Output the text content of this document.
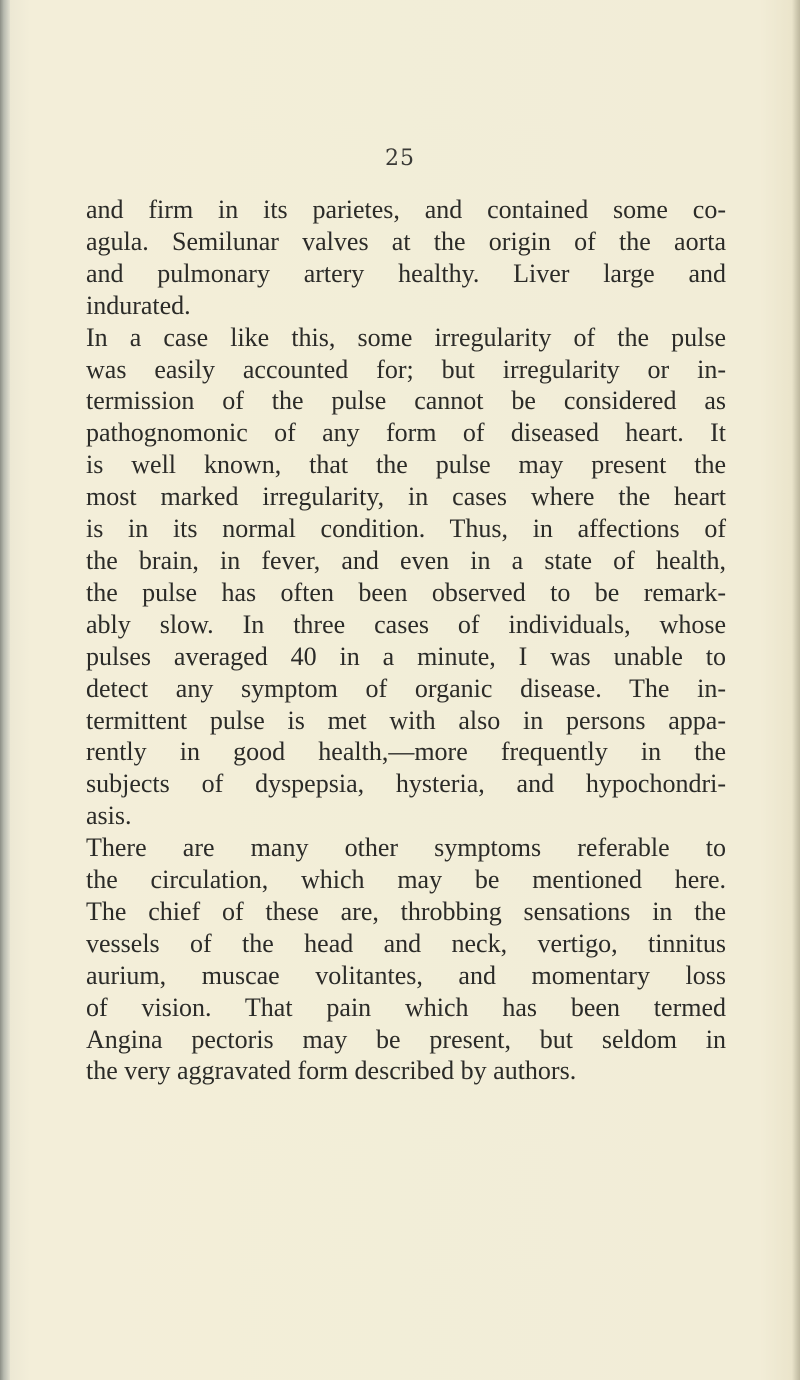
25
and firm in its parietes, and contained some co-
agula. Semilunar valves at the origin of the aorta
and pulmonary artery healthy. Liver large and
indurated.
In a case like this, some irregularity of the pulse
was easily accounted for; but irregularity or in-
termission of the pulse cannot be considered as
pathognomonic of any form of diseased heart. It
is well known, that the pulse may present the
most marked irregularity, in cases where the heart
is in its normal condition. Thus, in affections of
the brain, in fever, and even in a state of health,
the pulse has often been observed to be remark-
ably slow. In three cases of individuals, whose
pulses averaged 40 in a minute, I was unable to
detect any symptom of organic disease. The in-
termittent pulse is met with also in persons appa-
rently in good health,—more frequently in the
subjects of dyspepsia, hysteria, and hypochondri-
asis.
There are many other symptoms referable to
the circulation, which may be mentioned here.
The chief of these are, throbbing sensations in the
vessels of the head and neck, vertigo, tinnitus
aurium, muscae volitantes, and momentary loss
of vision. That pain which has been termed
Angina pectoris may be present, but seldom in
the very aggravated form described by authors.
